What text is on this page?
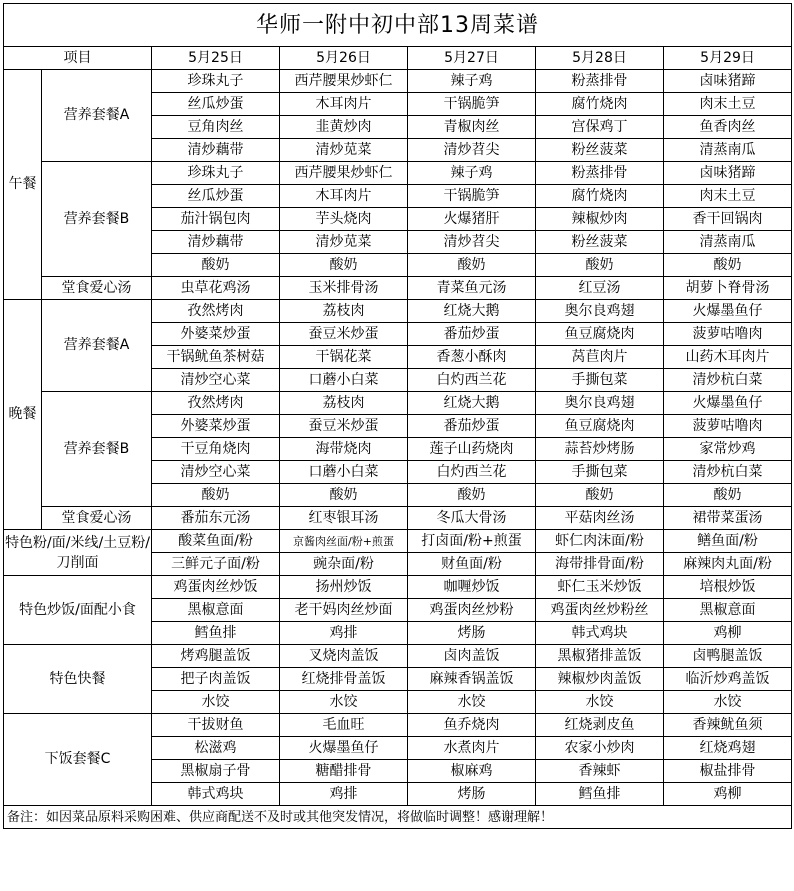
华师一附中初中部13周菜谱						
项目		5月25日	5月26日	5月27日	5月28日	5月29日
午餐	营养套餐A	珍珠丸子	西芹腰果炒虾仁	辣子鸡	粉蒸排骨	卤味猪蹄
		丝瓜炒蛋	木耳肉片	干锅脆笋	腐竹烧肉	肉末土豆
		豆角肉丝	韭黄炒肉	青椒肉丝	宫保鸡丁	鱼香肉丝
		清炒藕带	清炒苋菜	清炒苕尖	粉丝菠菜	清蒸南瓜
	营养套餐B	珍珠丸子	西芹腰果炒虾仁	辣子鸡	粉蒸排骨	卤味猪蹄
		丝瓜炒蛋	木耳肉片	干锅脆笋	腐竹烧肉	肉末土豆
		茄汁锅包肉	芋头烧肉	火爆猪肝	辣椒炒肉	香干回锅肉
		清炒藕带	清炒苋菜	清炒苕尖	粉丝菠菜	清蒸南瓜
		酸奶	酸奶	酸奶	酸奶	酸奶
	堂食爱心汤	虫草花鸡汤	玉米排骨汤	青菜鱼元汤	红豆汤	胡萝卜脊骨汤
晚餐	营养套餐A	孜然烤肉	荔枝肉	红烧大鹅	奥尔良鸡翅	火爆墨鱼仔
		外婆菜炒蛋	蚕豆米炒蛋	番茄炒蛋	鱼豆腐烧肉	菠萝咕噜肉
		干锅鱿鱼茶树菇	干锅花菜	香葱小酥肉	莴苣肉片	山药木耳肉片
		清炒空心菜	口蘑小白菜	白灼西兰花	手撕包菜	清炒杭白菜
	营养套餐B	孜然烤肉	荔枝肉	红烧大鹅	奥尔良鸡翅	火爆墨鱼仔
		外婆菜炒蛋	蚕豆米炒蛋	番茄炒蛋	鱼豆腐烧肉	菠萝咕噜肉
		干豆角烧肉	海带烧肉	莲子山药烧肉	蒜苔炒烤肠	家常炒鸡
		清炒空心菜	口蘑小白菜	白灼西兰花	手撕包菜	清炒杭白菜
		酸奶	酸奶	酸奶	酸奶	酸奶
	堂食爱心汤	番茄东元汤	红枣银耳汤	冬瓜大骨汤	平菇肉丝汤	裙带菜蛋汤
特色粉/面/米线/土豆粉/刀削面		酸菜鱼面/粉	京酱肉丝面/粉+煎蛋	打卤面/粉+煎蛋	虾仁肉沫面/粉	鳝鱼面/粉
		三鲜元子面/粉	豌杂面/粉	财鱼面/粉	海带排骨面/粉	麻辣肉丸面/粉
特色炒饭/面配小食		鸡蛋肉丝炒饭	扬州炒饭	咖喱炒饭	虾仁玉米炒饭	培根炒饭
		黑椒意面	老干妈肉丝炒面	鸡蛋肉丝炒粉	鸡蛋肉丝炒粉丝	黑椒意面
		鳕鱼排	鸡排	烤肠	韩式鸡块	鸡柳
特色快餐		烤鸡腿盖饭	叉烧肉盖饭	卤肉盖饭	黑椒猪排盖饭	卤鸭腿盖饭
		把子肉盖饭	红烧排骨盖饭	麻辣香锅盖饭	辣椒炒肉盖饭	临沂炒鸡盖饭
		水饺	水饺	水饺	水饺	水饺
下饭套餐C		干拔财鱼	毛血旺	鱼乔烧肉	红烧剥皮鱼	香辣鱿鱼须
		松滋鸡	火爆墨鱼仔	水煮肉片	农家小炒肉	红烧鸡翅
		黑椒扇子骨	糖醋排骨	椒麻鸡	香辣虾	椒盐排骨
		韩式鸡块	鸡排	烤肠	鳕鱼排	鸡柳
备注：如因菜品原料采购困难、供应商配送不及时或其他突发情况，将做临时调整！感谢理解！						
